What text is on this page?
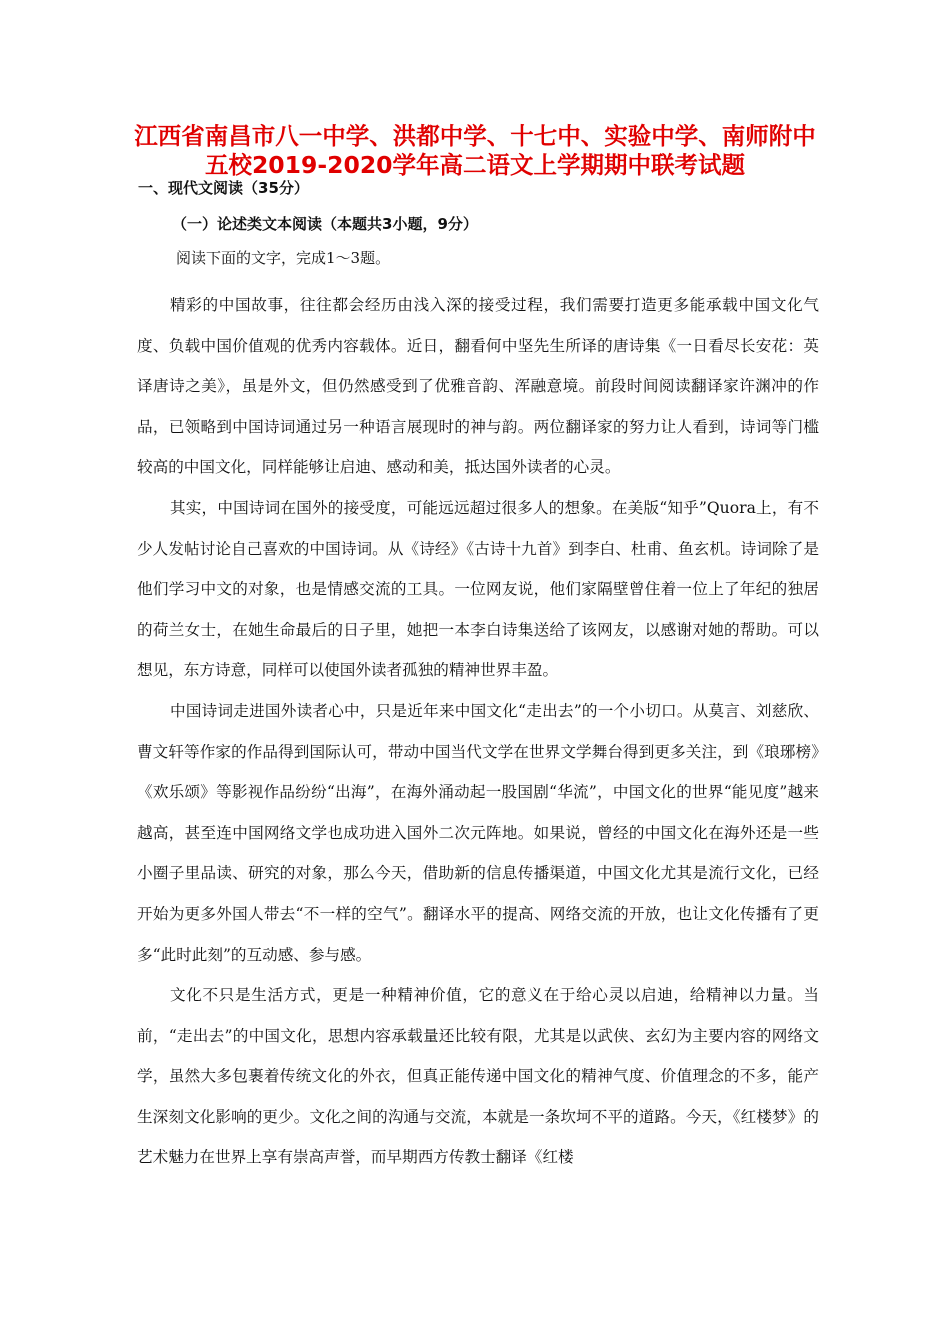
江西省南昌市八一中学、洪都中学、十七中、实验中学、南师附中五校2019-2020学年高二语文上学期期中联考试题
一、现代文阅读（35分）
（一）论述类文本阅读（本题共3小题，9分）
阅读下面的文字，完成1～3题。

精彩的中国故事，往往都会经历由浅入深的接受过程，我们需要打造更多能承载中国文化气度、负载中国价值观的优秀内容载体。近日，翻看何中坚先生所译的唐诗集《一日看尽长安花：英译唐诗之美》，虽是外文，但仍然感受到了优雅音韵、浑融意境。前段时间阅读翻译家许渊冲的作品，已领略到中国诗词通过另一种语言展现时的神与韵。两位翻译家的努力让人看到，诗词等门槛较高的中国文化，同样能够让启迪、感动和美，抵达国外读者的心灵。

其实，中国诗词在国外的接受度，可能远远超过很多人的想象。在美版“知乎”Quora上，有不少人发帖讨论自己喜欢的中国诗词。从《诗经》《古诗十九首》到李白、杜甫、鱼玄机。诗词除了是他们学习中文的对象，也是情感交流的工具。一位网友说，他们家隔壁曾住着一位上了年纪的独居的荷兰女士，在她生命最后的日子里，她把一本李白诗集送给了该网友，以感谢对她的帮助。可以想见，东方诗意，同样可以使国外读者孤独的精神世界丰盈。

中国诗词走进国外读者心中，只是近年来中国文化“走出去”的一个小切口。从莫言、刘慈欣、曹文轩等作家的作品得到国际认可，带动中国当代文学在世界文学舞台得到更多关注，到《琅琊榜》《欢乐颂》等影视作品纷纷“出海”，在海外涌动起一股国剧“华流”，中国文化的世界“能见度”越来越高，甚至连中国网络文学也成功进入国外二次元阵地。如果说，曾经的中国文化在海外还是一些小圈子里品读、研究的对象，那么今天，借助新的信息传播渠道，中国文化尤其是流行文化，已经开始为更多外国人带去“不一样的空气”。翻译水平的提高、网络交流的开放，也让文化传播有了更多“此时此刻”的互动感、参与感。

文化不只是生活方式，更是一种精神价值，它的意义在于给心灵以启迪，给精神以力量。当前，“走出去”的中国文化，思想内容承载量还比较有限，尤其是以武侠、玄幻为主要内容的网络文学，虽然大多包裹着传统文化的外衣，但真正能传递中国文化的精神气度、价值理念的不多，能产生深刻文化影响的更少。文化之间的沟通与交流，本就是一条坎坷不平的道路。今天，《红楼梦》的艺术魅力在世界上享有崇高声誉，而早期西方传教士翻译《红楼
